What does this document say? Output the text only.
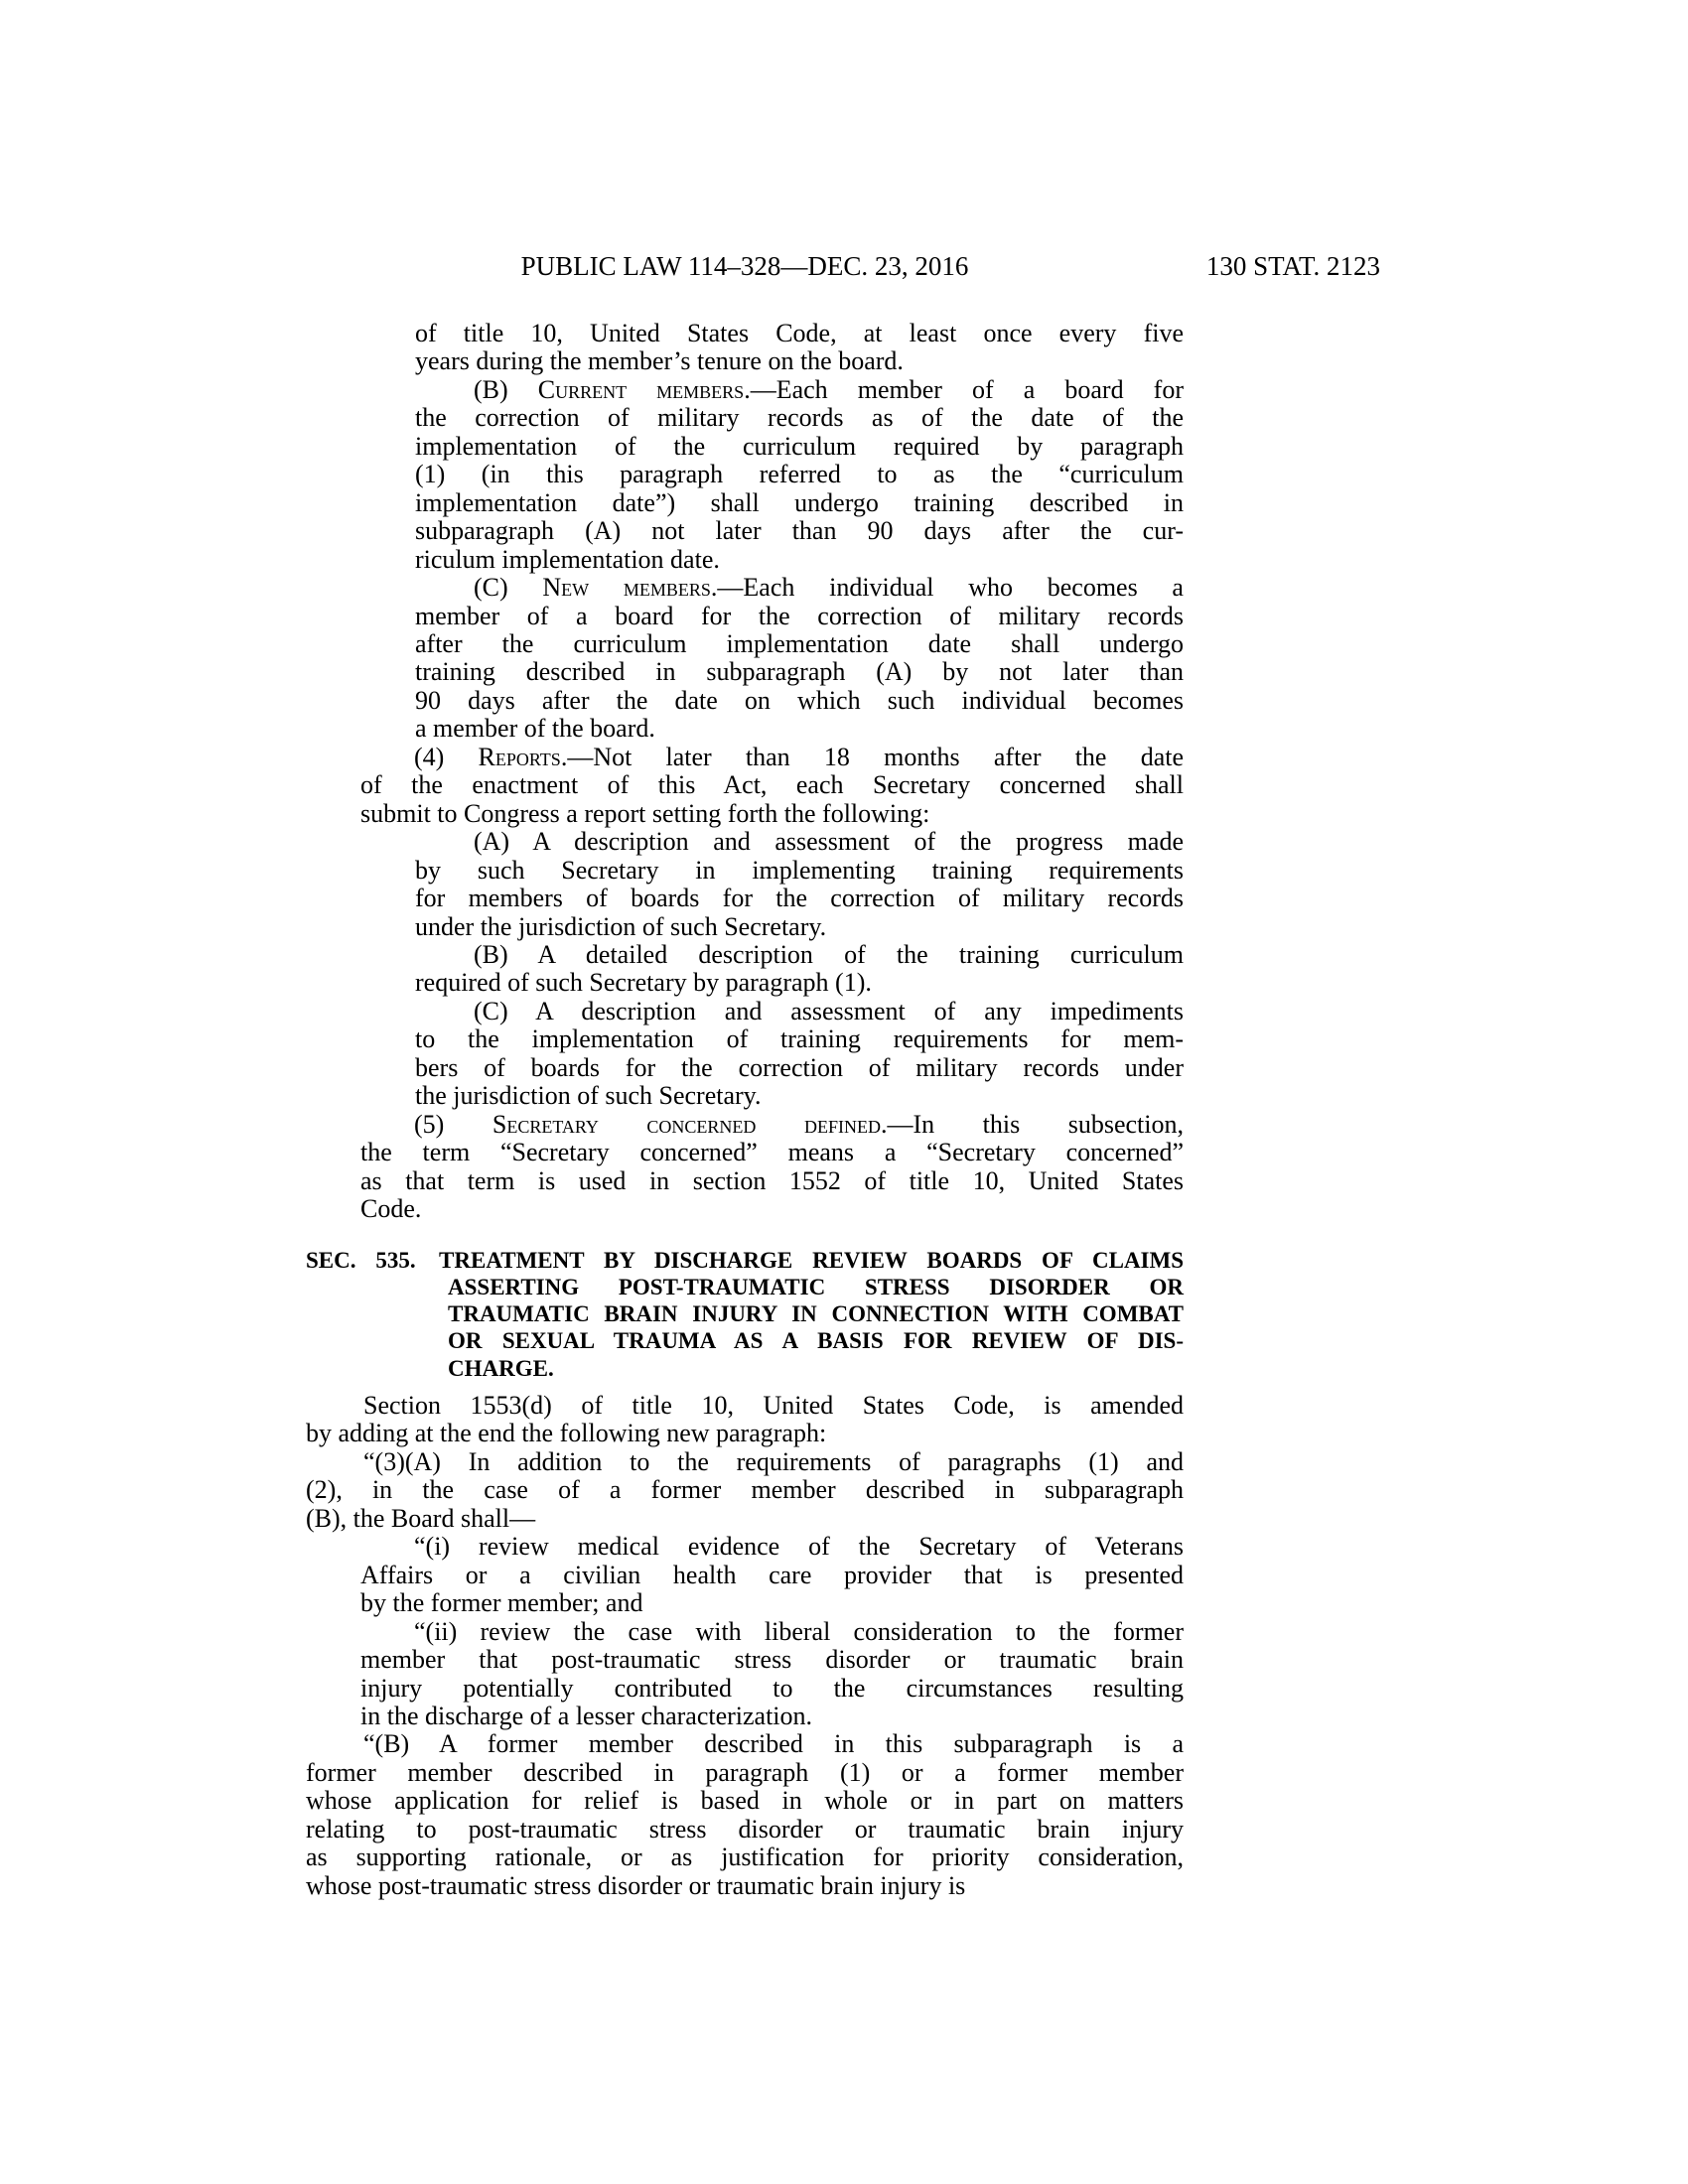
PUBLIC LAW 114–328—DEC. 23, 2016	130 STAT. 2123
of title 10, United States Code, at least once every five
years during the member’s tenure on the board.
(B) Current members.—Each member of a board for
the correction of military records as of the date of the
implementation of the curriculum required by paragraph
(1) (in this paragraph referred to as the “curriculum
implementation date”) shall undergo training described in
subparagraph (A) not later than 90 days after the cur-
riculum implementation date.
(C) New members.—Each individual who becomes a
member of a board for the correction of military records
after the curriculum implementation date shall undergo
training described in subparagraph (A) by not later than
90 days after the date on which such individual becomes
a member of the board.
(4) Reports.—Not later than 18 months after the date
of the enactment of this Act, each Secretary concerned shall
submit to Congress a report setting forth the following:
(A) A description and assessment of the progress made
by such Secretary in implementing training requirements
for members of boards for the correction of military records
under the jurisdiction of such Secretary.
(B) A detailed description of the training curriculum
required of such Secretary by paragraph (1).
(C) A description and assessment of any impediments
to the implementation of training requirements for mem-
bers of boards for the correction of military records under
the jurisdiction of such Secretary.
(5) Secretary concerned defined.—In this subsection,
the term “Secretary concerned” means a “Secretary concerned”
as that term is used in section 1552 of title 10, United States
Code.
SEC. 535. TREATMENT BY DISCHARGE REVIEW BOARDS OF CLAIMS
ASSERTING POST-TRAUMATIC STRESS DISORDER OR
TRAUMATIC BRAIN INJURY IN CONNECTION WITH COMBAT
OR SEXUAL TRAUMA AS A BASIS FOR REVIEW OF DIS-
CHARGE.
Section 1553(d) of title 10, United States Code, is amended
by adding at the end the following new paragraph:
“(3)(A) In addition to the requirements of paragraphs (1) and
(2), in the case of a former member described in subparagraph
(B), the Board shall—
“(i) review medical evidence of the Secretary of Veterans
Affairs or a civilian health care provider that is presented
by the former member; and
“(ii) review the case with liberal consideration to the former
member that post-traumatic stress disorder or traumatic brain
injury potentially contributed to the circumstances resulting
in the discharge of a lesser characterization.
“(B) A former member described in this subparagraph is a
former member described in paragraph (1) or a former member
whose application for relief is based in whole or in part on matters
relating to post-traumatic stress disorder or traumatic brain injury
as supporting rationale, or as justification for priority consideration,
whose post-traumatic stress disorder or traumatic brain injury is
